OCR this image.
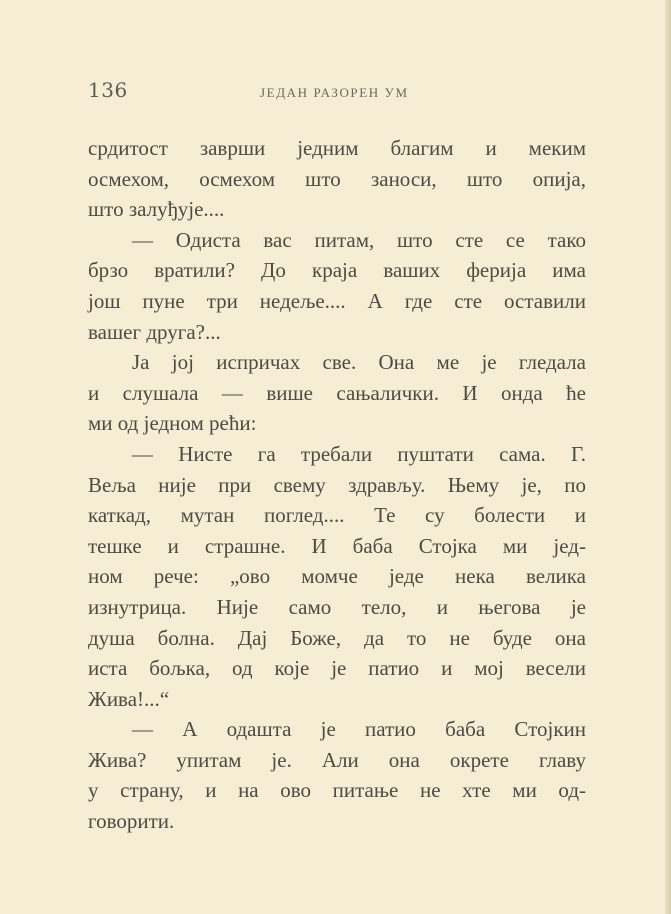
136	ЈЕДАН РАЗОРЕН УМ
срдитост заврши једним благим и меким
осмехом, осмехом што заноси, што опија,
што залуђује....
— Одиста вас питам, што сте се тако
брзо вратили? До краја ваших ферија има
још пуне три недеље.... А где сте оставили
вашег друга?...
Ја јој испричах све. Она ме је гледала
и слушала — више сањалички. И онда ће
ми од једном рећи:
— Нисте га требали пуштати сама. Г.
Веља није при свему здрављу. Њему је, по
каткад, мутан поглед.... Те су болести и
тешке и страшне. И баба Стојка ми јед-
ном рече: „ово момче једе нека велика
изнутрица. Није само тело, и његова је
душа болна. Дај Боже, да то не буде она
иста бољка, од које је патио и мој весели
Жива!...“
— А одашта је патио баба Стојкин
Жива? упитам је. Али она окрете главу
у страну, и на ово питање не хте ми од-
говорити.
